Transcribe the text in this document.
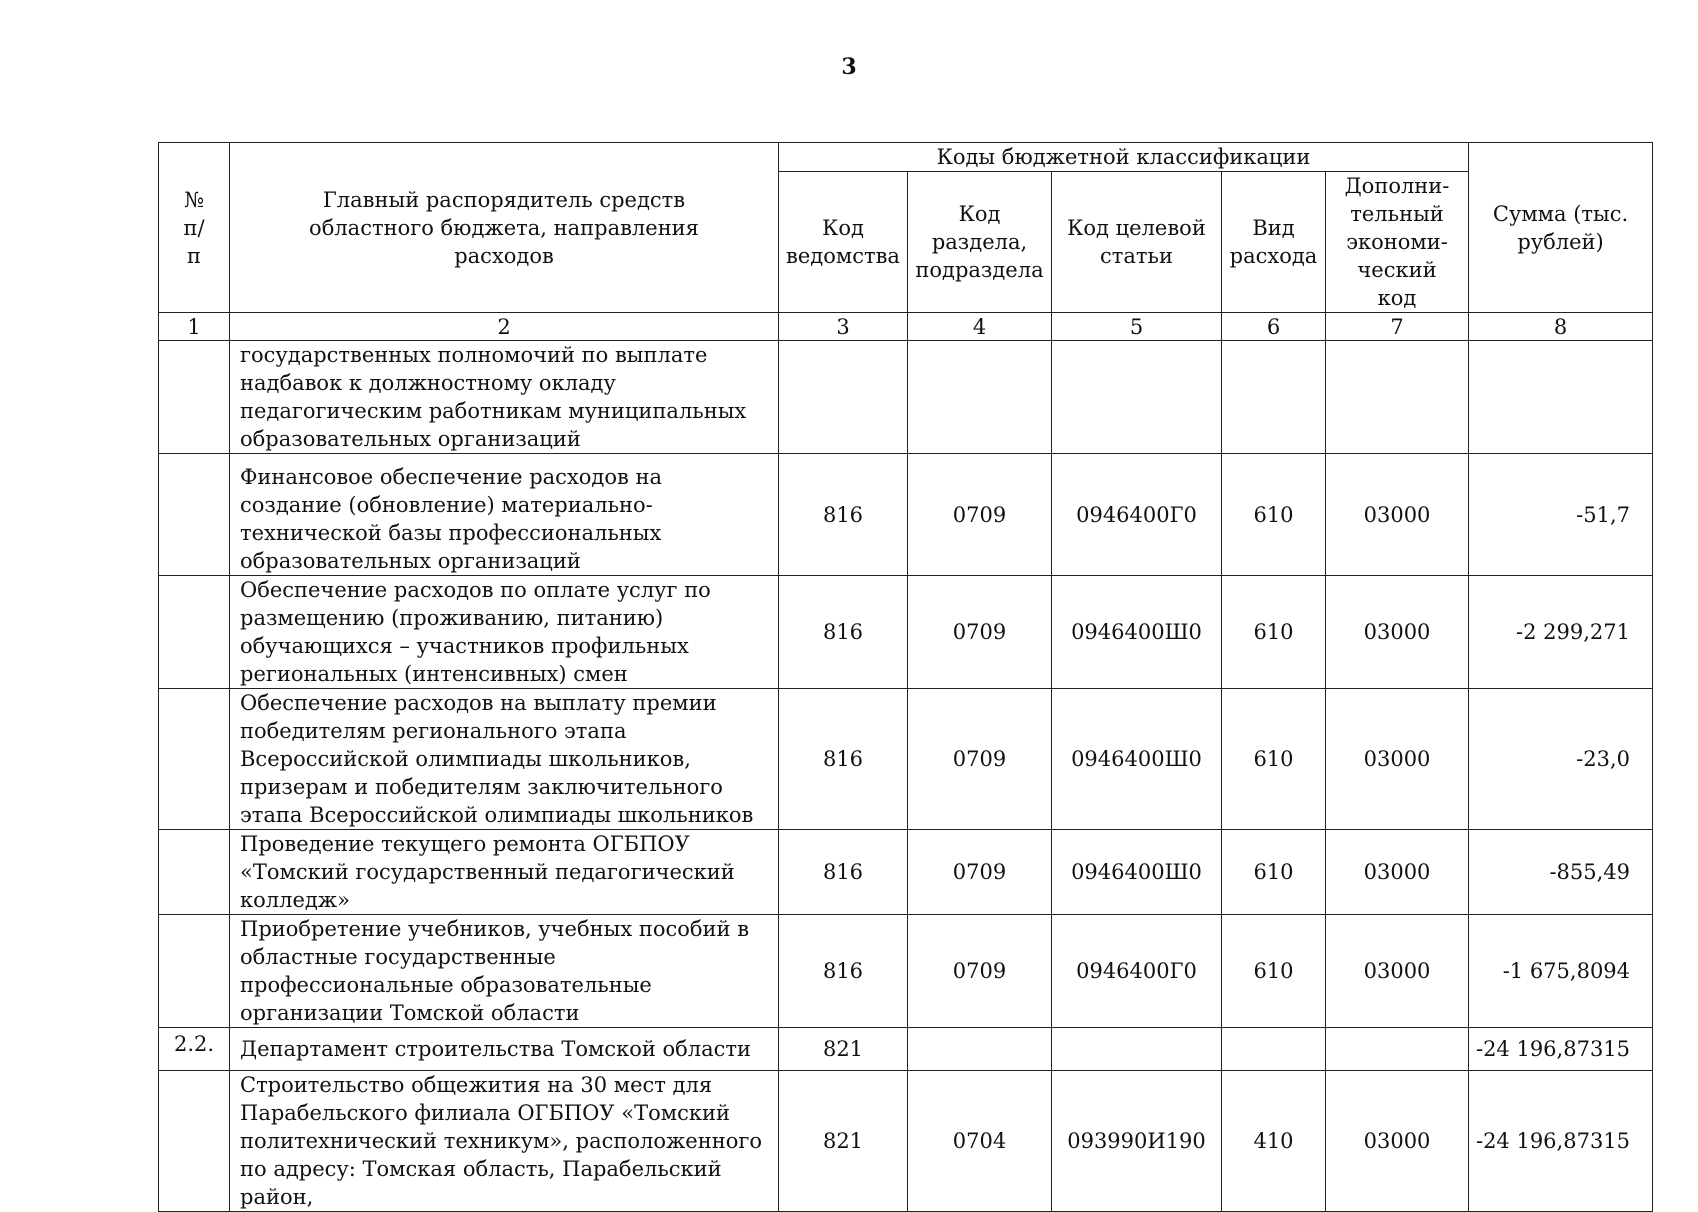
3
№ п/п	Главный распорядитель средств областного бюджета, направления расходов	Коды бюджетной классификации					Сумма (тыс. рублей)
		Код ведомства	Код раздела, подраздела	Код целевой статьи	Вид расхода	Дополни-тельный экономи-ческий код	
1	2	3	4	5	6	7	8
	государственных полномочий по выплате надбавок к должностному окладу педагогическим работникам муниципальных образовательных организаций						
	Финансовое обеспечение расходов на создание (обновление) материально-технической базы профессиональных образовательных организаций	816	0709	0946400Г0	610	03000	-51,7
	Обеспечение расходов по оплате услуг по размещению (проживанию, питанию) обучающихся – участников профильных региональных (интенсивных) смен	816	0709	0946400Ш0	610	03000	-2 299,271
	Обеспечение расходов на выплату премии победителям регионального этапа Всероссийской олимпиады школьников, призерам и победителям заключительного этапа Всероссийской олимпиады школьников	816	0709	0946400Ш0	610	03000	-23,0
	Проведение текущего ремонта ОГБПОУ «Томский государственный педагогический колледж»	816	0709	0946400Ш0	610	03000	-855,49
	Приобретение учебников, учебных пособий в областные государственные профессиональные образовательные организации Томской области	816	0709	0946400Г0	610	03000	-1 675,8094
2.2.	Департамент строительства Томской области	821					-24 196,87315
	Строительство общежития на 30 мест для Парабельского филиала ОГБПОУ «Томский политехнический техникум», расположенного по адресу: Томская область, Парабельский район,	821	0704	093990И190	410	03000	-24 196,87315
